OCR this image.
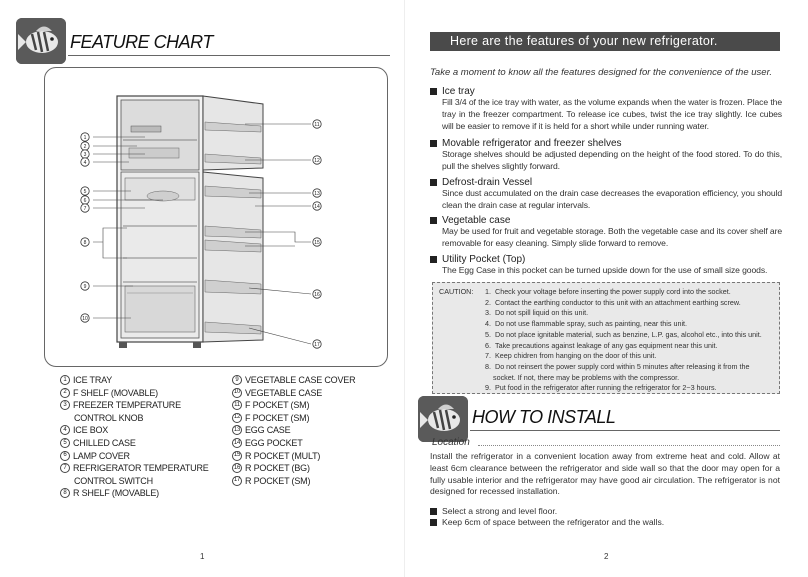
FEATURE CHART
1
2
3
4
5
6
7
8
9
10
11
12
13
14
15
16
17
1 ICE TRAY
2 F SHELF (MOVABLE)
3 FREEZER TEMPERATURE
CONTROL KNOB
4 ICE BOX
5 CHILLED CASE
6 LAMP COVER
7 REFRIGERATOR TEMPERATURE
CONTROL SWITCH
8 R SHELF (MOVABLE)
9 VEGETABLE CASE COVER
10 VEGETABLE CASE
11 F POCKET (SM)
12 F POCKET (SM)
13 EGG CASE
14 EGG POCKET
15 R POCKET (MULT)
16 R POCKET (BG)
17 R POCKET (SM)
1
Here are the features of your new refrigerator.
Take a moment to know all the features designed for the convenience of the user.
Ice tray
Fill 3/4 of the ice tray with water, as the volume expands when the water is frozen. Place the tray in the freezer compartment. To release ice cubes, twist the ice tray slightly. Ice cubes will be easier to remove if it is held for a short while under running water.
Movable refrigerator and freezer shelves
Storage shelves should be adjusted depending on the height of the food stored. To do this, pull the shelves slightly forward.
Defrost-drain Vessel
Since dust accumulated on the drain case decreases the evaporation efficiency, you should clean the drain case at regular intervals.
Vegetable case
May be used for fruit and vegetable storage. Both the vegetable case and its cover shelf are removable for easy cleaning. Simply slide forward to remove.
Utility Pocket (Top)
The Egg Case in this pocket can be turned upside down for the use of small size goods.
CAUTION: 1. Check your voltage before inserting the power supply cord into the socket.
2. Contact the earthing conductor to this unit with an attachment earthing screw.
3. Do not spill liquid on this unit.
4. Do not use flammable spray, such as painting, near this unit.
5. Do not place ignitable material, such as benzine, L.P. gas, alcohol etc., into this unit.
6. Take precautions against leakage of any gas equipment near this unit.
7. Keep chidren from hanging on the door of this unit.
8. Do not reinsert the power supply cord within 5 minutes after releasing it from the
socket. If not, there may be problems with the compressor.
9. Put food in the refrigerator after running the refrigerator for 2~3 hours.
HOW TO INSTALL
Location
Install the refrigerator in a convenient location away from extreme heat and cold. Allow at least 6cm clearance between the refrigerator and side wall so that the door may open for a fully usable interior and the refrigerator may have good air circulation. The refrigerator is not designed for recessed installation.
Select a strong and level floor.
Keep 6cm of space between the refrigerator and the walls.
2
